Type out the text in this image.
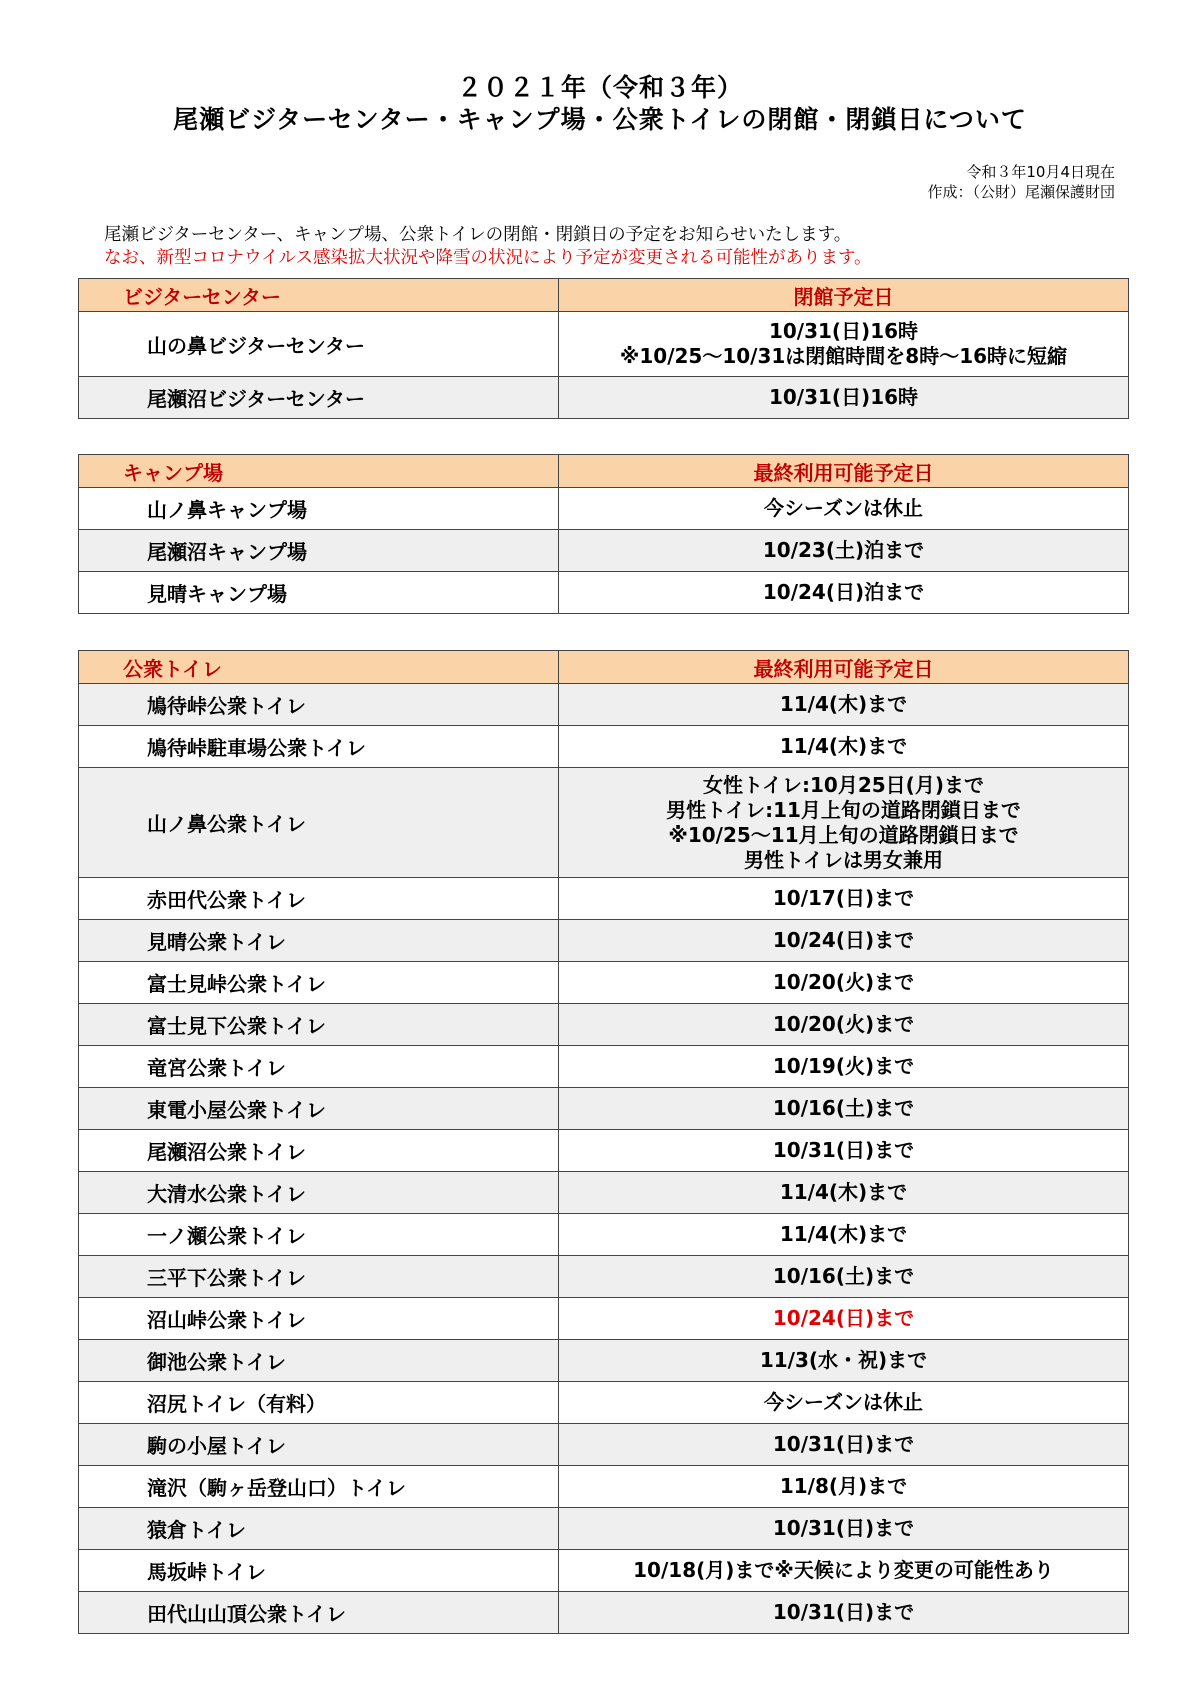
２０２１年（令和３年）
尾瀬ビジターセンター・キャンプ場・公衆トイレの閉館・閉鎖日について
令和３年10月4日現在
作成：（公財）尾瀬保護財団
尾瀬ビジターセンター、キャンプ場、公衆トイレの閉館・閉鎖日の予定をお知らせいたします。
なお、新型コロナウイルス感染拡大状況や降雪の状況により予定が変更される可能性があります。
ビジターセンター	閉館予定日
山の鼻ビジターセンター	10/31(日)16時
※10/25～10/31は閉館時間を8時～16時に短縮

尾瀬沼ビジターセンター	10/31(日)16時
キャンプ場	最終利用可能予定日
山ノ鼻キャンプ場	今シーズンは休止
尾瀬沼キャンプ場	10/23(土)泊まで
見晴キャンプ場	10/24(日)泊まで
公衆トイレ	最終利用可能予定日
鳩待峠公衆トイレ	11/4(木)まで
鳩待峠駐車場公衆トイレ	11/4(木)まで
山ノ鼻公衆トイレ	女性トイレ:10月25日(月)まで
男性トイレ:11月上旬の道路閉鎖日まで
※10/25～11月上旬の道路閉鎖日まで
男性トイレは男女兼用

赤田代公衆トイレ	10/17(日)まで
見晴公衆トイレ	10/24(日)まで
富士見峠公衆トイレ	10/20(火)まで
富士見下公衆トイレ	10/20(火)まで
竜宮公衆トイレ	10/19(火)まで
東電小屋公衆トイレ	10/16(土)まで
尾瀬沼公衆トイレ	10/31(日)まで
大清水公衆トイレ	11/4(木)まで
一ノ瀬公衆トイレ	11/4(木)まで
三平下公衆トイレ	10/16(土)まで
沼山峠公衆トイレ	10/24(日)まで
御池公衆トイレ	11/3(水・祝)まで
沼尻トイレ（有料）	今シーズンは休止
駒の小屋トイレ	10/31(日)まで
滝沢（駒ヶ岳登山口）トイレ	11/8(月)まで
猿倉トイレ	10/31(日)まで
馬坂峠トイレ	10/18(月)まで※天候により変更の可能性あり
田代山山頂公衆トイレ	10/31(日)まで
